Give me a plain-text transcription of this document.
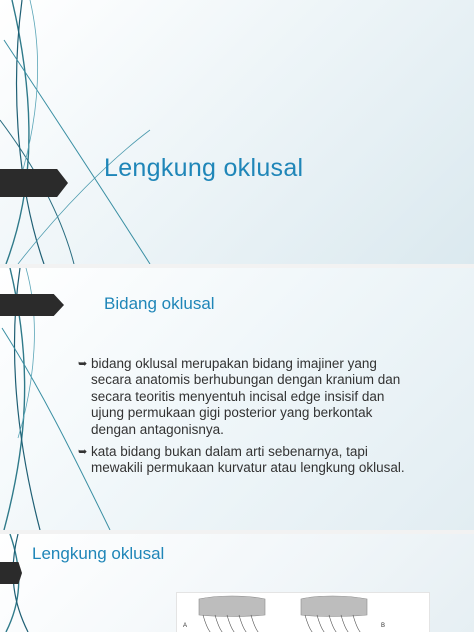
Lengkung oklusal
Bidang oklusal
➥ bidang oklusal merupakan bidang imajiner yang secara anatomis berhubungan dengan kranium dan secara teoritis menyentuh incisal edge insisif dan ujung permukaan gigi posterior yang berkontak dengan antagonisnya.
➥ kata bidang bukan dalam arti sebenarnya, tapi mewakili permukaan kurvatur atau lengkung oklusal.
Lengkung oklusal
A	B
